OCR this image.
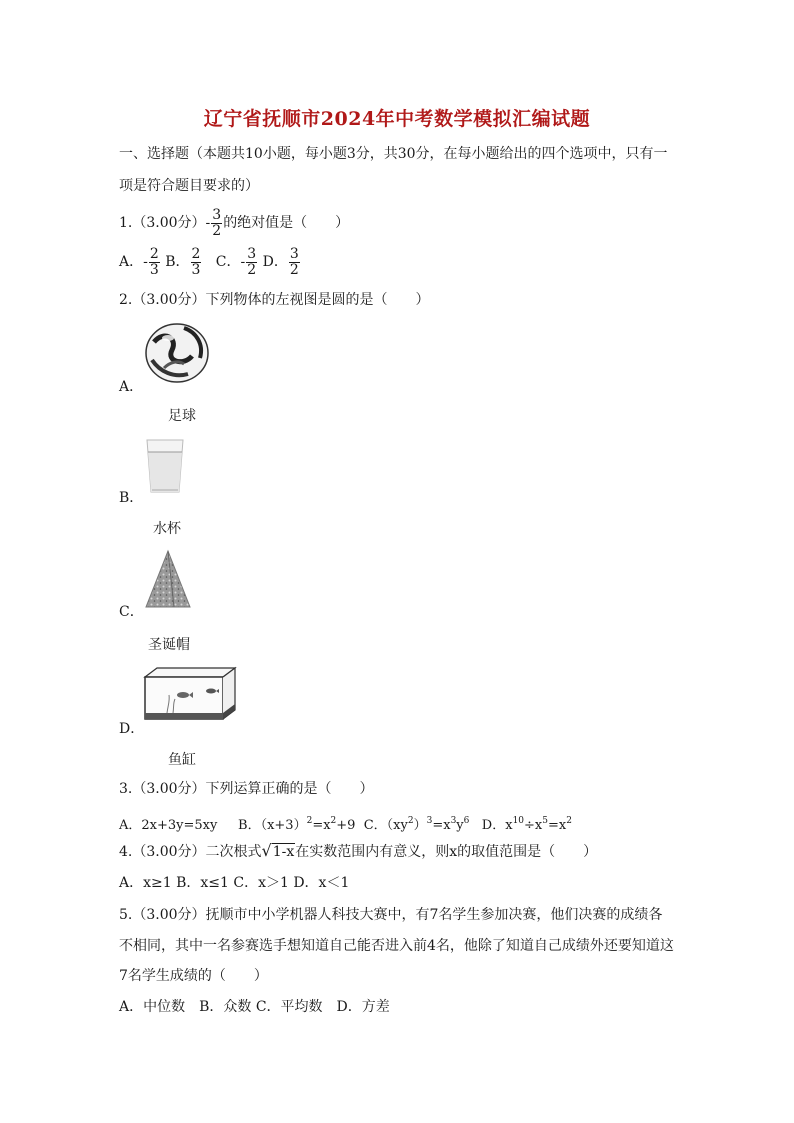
辽宁省抚顺市2024年中考数学模拟汇编试题
一、选择题（本题共10小题，每小题3分，共30分，在每小题给出的四个选项中，只有一
项是符合题目要求的）
1.（3.00分）- $\frac{3}{2}$ 的绝对值是（　　）
A．- $\frac{2}{3}$ B． $\frac{2}{3}$ C．- $\frac{3}{2}$ D． $\frac{3}{2}$
2.（3.00分）下列物体的左视图是圆的是（　　）
A．
足球
B．
水杯
C．
圣诞帽
D．
鱼缸
3.（3.00分）下列运算正确的是（　　）
A．2x+3y=5xy B．$(x+3)^2=x^2+9$ C．$(xy^2)^3=x^3y^6$ D．$x^{10}\div x^5=x^2$
4.（3.00分）二次根式√1-x在实数范围内有意义，则x的取值范围是（　　）
A．x≥1 B．x≤1 C．x＞1 D．x＜1
5.（3.00分）抚顺市中小学机器人科技大赛中，有7名学生参加决赛，他们决赛的成绩各
不相同，其中一名参赛选手想知道自己能否进入前4名，他除了知道自己成绩外还要知道这
7名学生成绩的（　　）
A．中位数　B．众数 C．平均数　D．方差
